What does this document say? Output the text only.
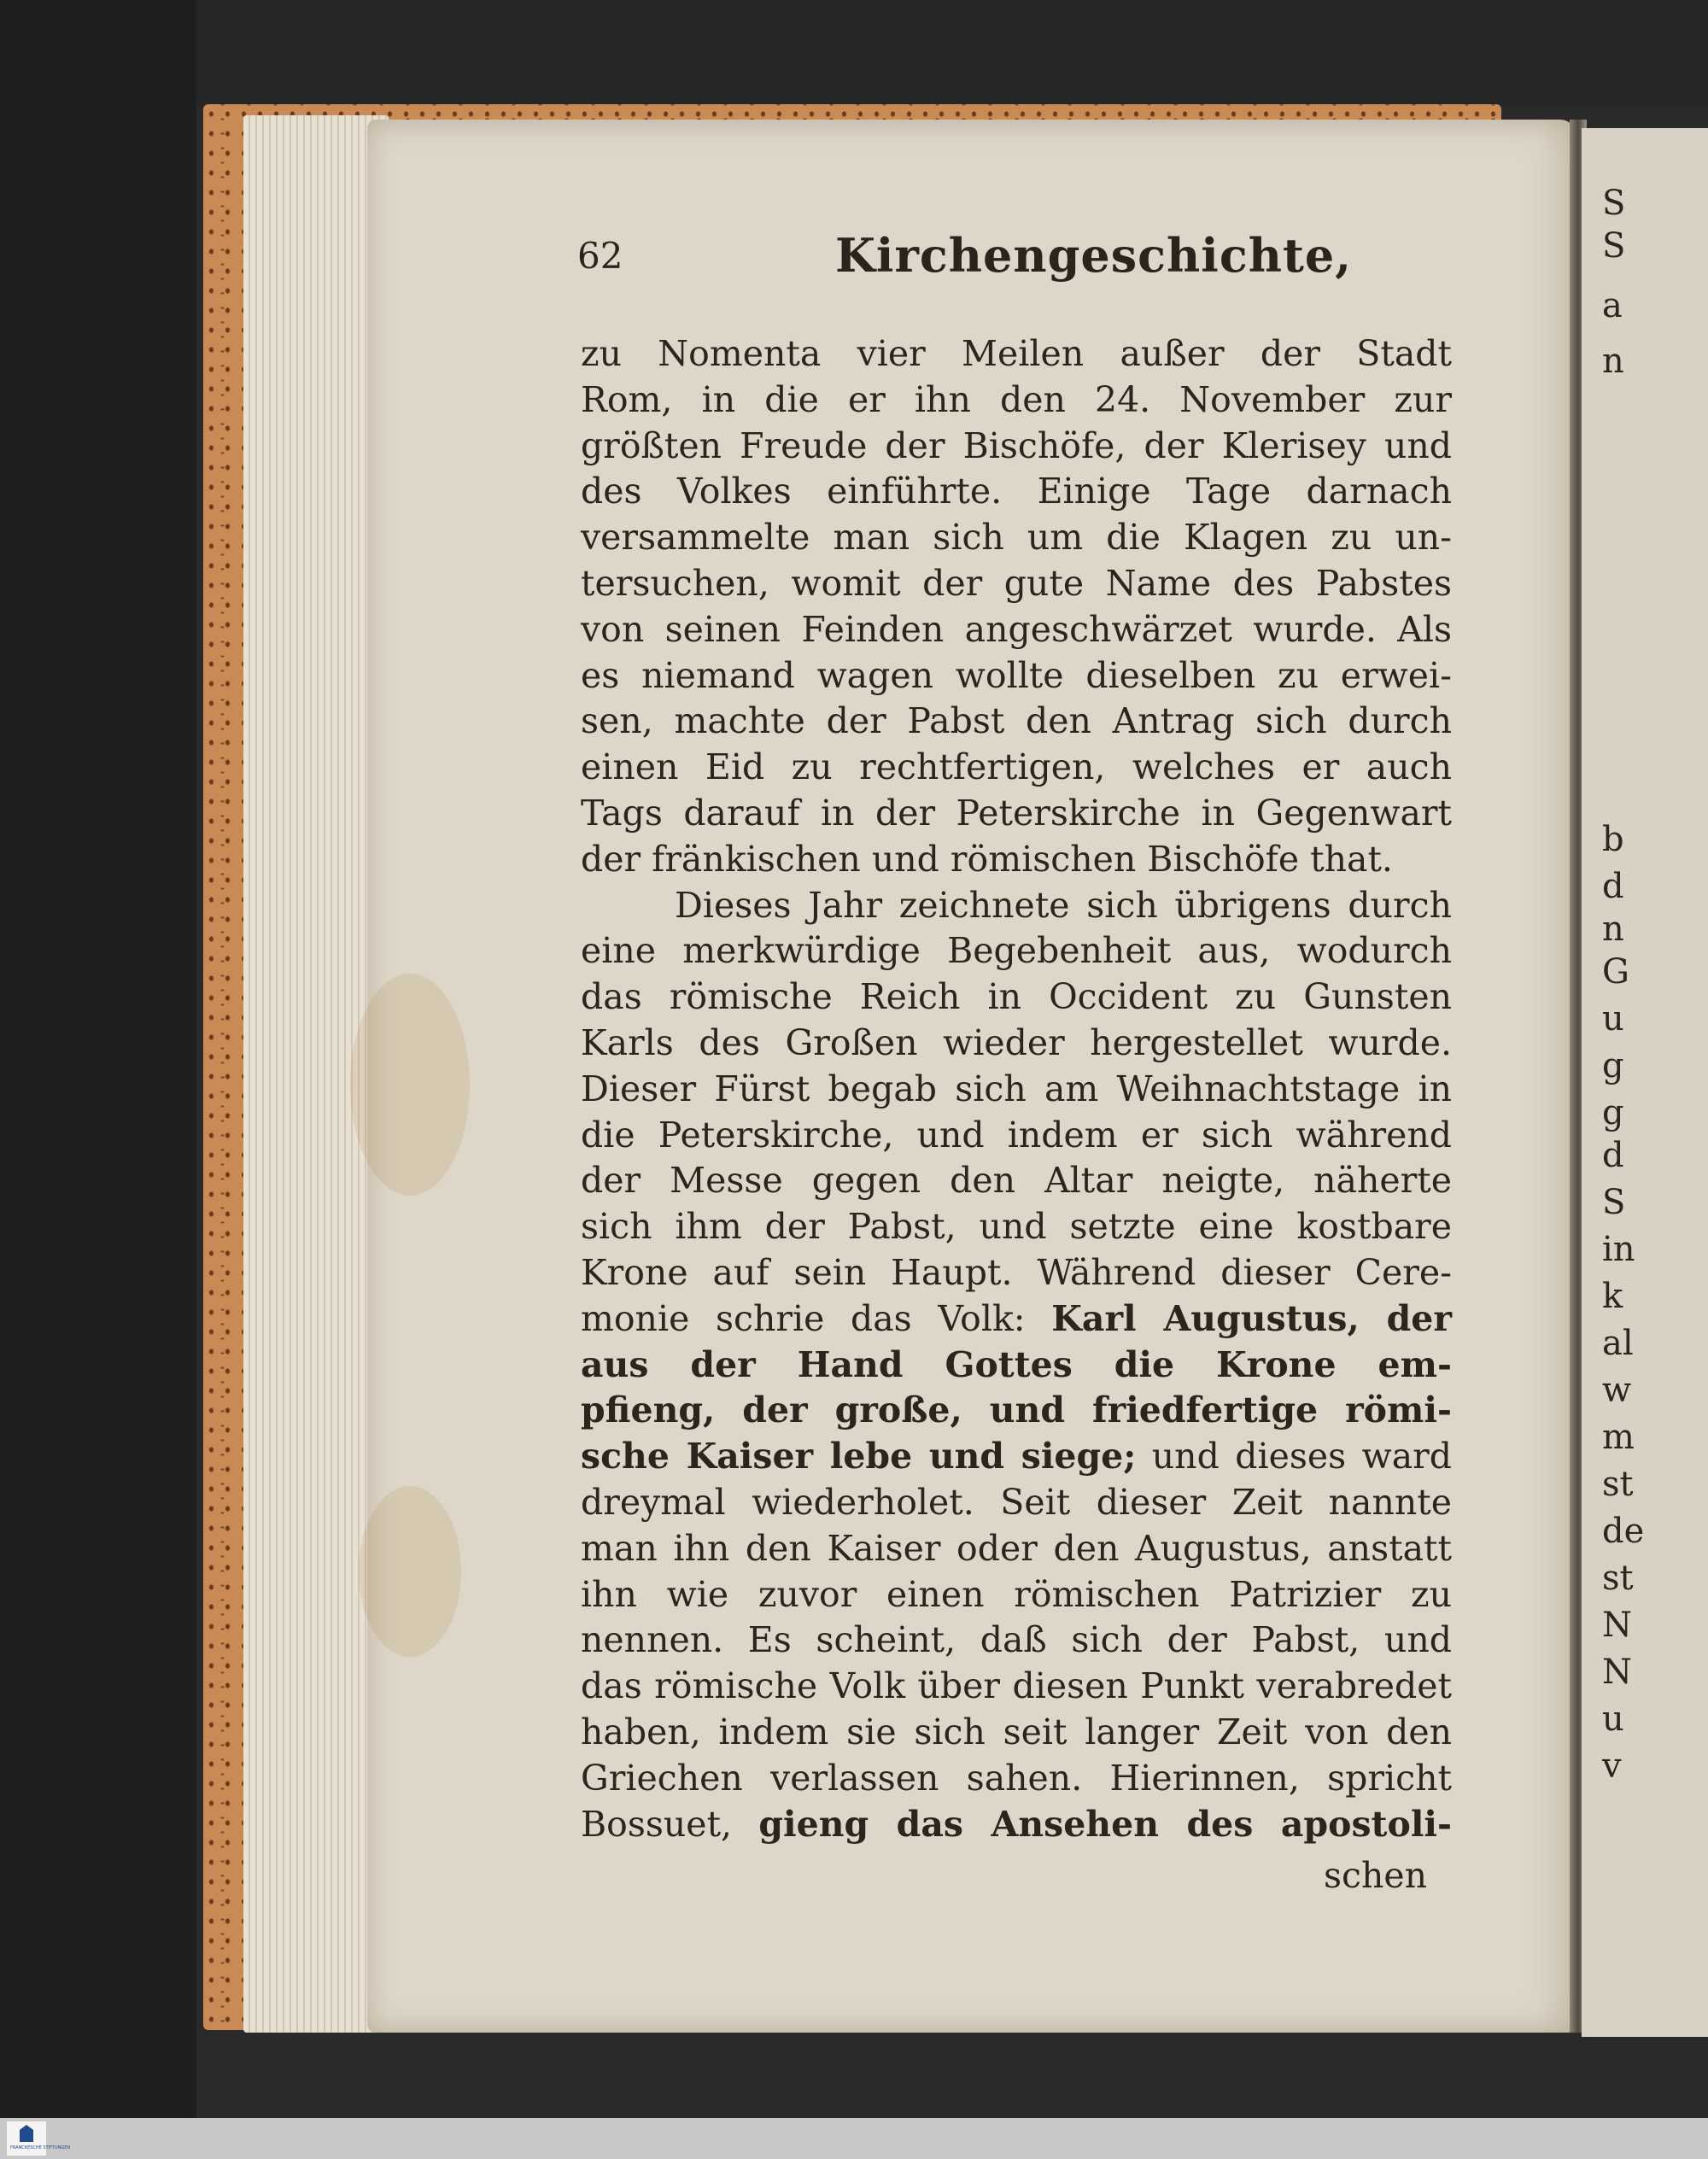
S
S
a
n
b
d
n
G
u
g
g
d
S
in
k
al
w
m
st
de
st
N
N
u
v
62	Kirchengeschichte,
zu Nomenta vier Meilen außer der Stadt
Rom, in die er ihn den 24. November zur
größten Freude der Bischöfe, der Klerisey und
des Volkes einführte. Einige Tage darnach
versammelte man sich um die Klagen zu un-
tersuchen, womit der gute Name des Pabstes
von seinen Feinden angeschwärzet wurde. Als
es niemand wagen wollte dieselben zu erwei-
sen, machte der Pabst den Antrag sich durch
einen Eid zu rechtfertigen, welches er auch
Tags darauf in der Peterskirche in Gegenwart
der fränkischen und römischen Bischöfe that.
Dieses Jahr zeichnete sich übrigens durch
eine merkwürdige Begebenheit aus, wodurch
das römische Reich in Occident zu Gunsten
Karls des Großen wieder hergestellet wurde.
Dieser Fürst begab sich am Weihnachtstage in
die Peterskirche, und indem er sich während
der Messe gegen den Altar neigte, näherte
sich ihm der Pabst, und setzte eine kostbare
Krone auf sein Haupt. Während dieser Cere-
monie schrie das Volk: Karl Augustus, der
aus der Hand Gottes die Krone em-
pfieng, der große, und friedfertige römi-
sche Kaiser lebe und siege; und dieses ward
dreymal wiederholet. Seit dieser Zeit nannte
man ihn den Kaiser oder den Augustus, anstatt
ihn wie zuvor einen römischen Patrizier zu
nennen. Es scheint, daß sich der Pabst, und
das römische Volk über diesen Punkt verabredet
haben, indem sie sich seit langer Zeit von den
Griechen verlassen sahen. Hierinnen, spricht
Bossuet, gieng das Ansehen des apostoli-
schen
FRANCKESCHE STIFTUNGEN
